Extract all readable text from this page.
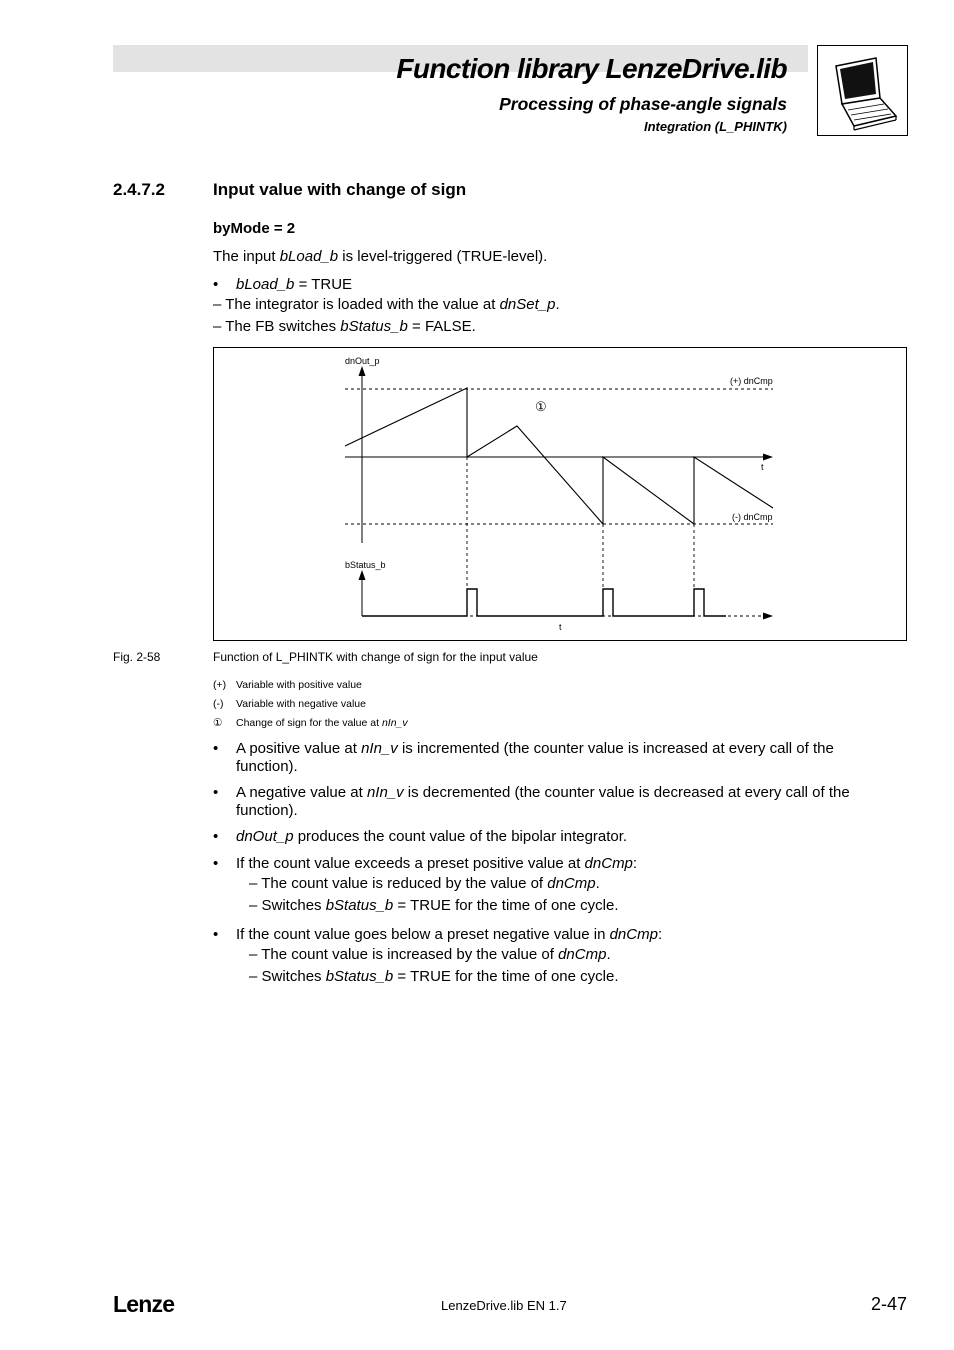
Function library LenzeDrive.lib
Processing of phase-angle signals
Integration (L_PHINTK)
2.4.7.2	Input value with change of sign
byMode = 2
The input bLoad_b is level-triggered (TRUE-level).
• bLoad_b = TRUE
– The integrator is loaded with the value at dnSet_p.
– The FB switches bStatus_b = FALSE.
dnOut_p
(+) dnCmp
(-) dnCmp
t
bStatus_b
t
①
Fig. 2-58	Function of L_PHINTK with change of sign for the input value
(+) Variable with positive value
(-) Variable with negative value
① Change of sign for the value at nIn_v
• A positive value at nIn_v is incremented (the counter value is increased at every call of the function).
• A negative value at nIn_v is decremented (the counter value is decreased at every call of the function).
• dnOut_p produces the count value of the bipolar integrator.
• If the count value exceeds a preset positive value at dnCmp:
– The count value is reduced by the value of dnCmp.
– Switches bStatus_b = TRUE for the time of one cycle.
• If the count value goes below a preset negative value in dnCmp:
– The count value is increased by the value of dnCmp.
– Switches bStatus_b = TRUE for the time of one cycle.
Lenze	LenzeDrive.lib EN 1.7	2-47
